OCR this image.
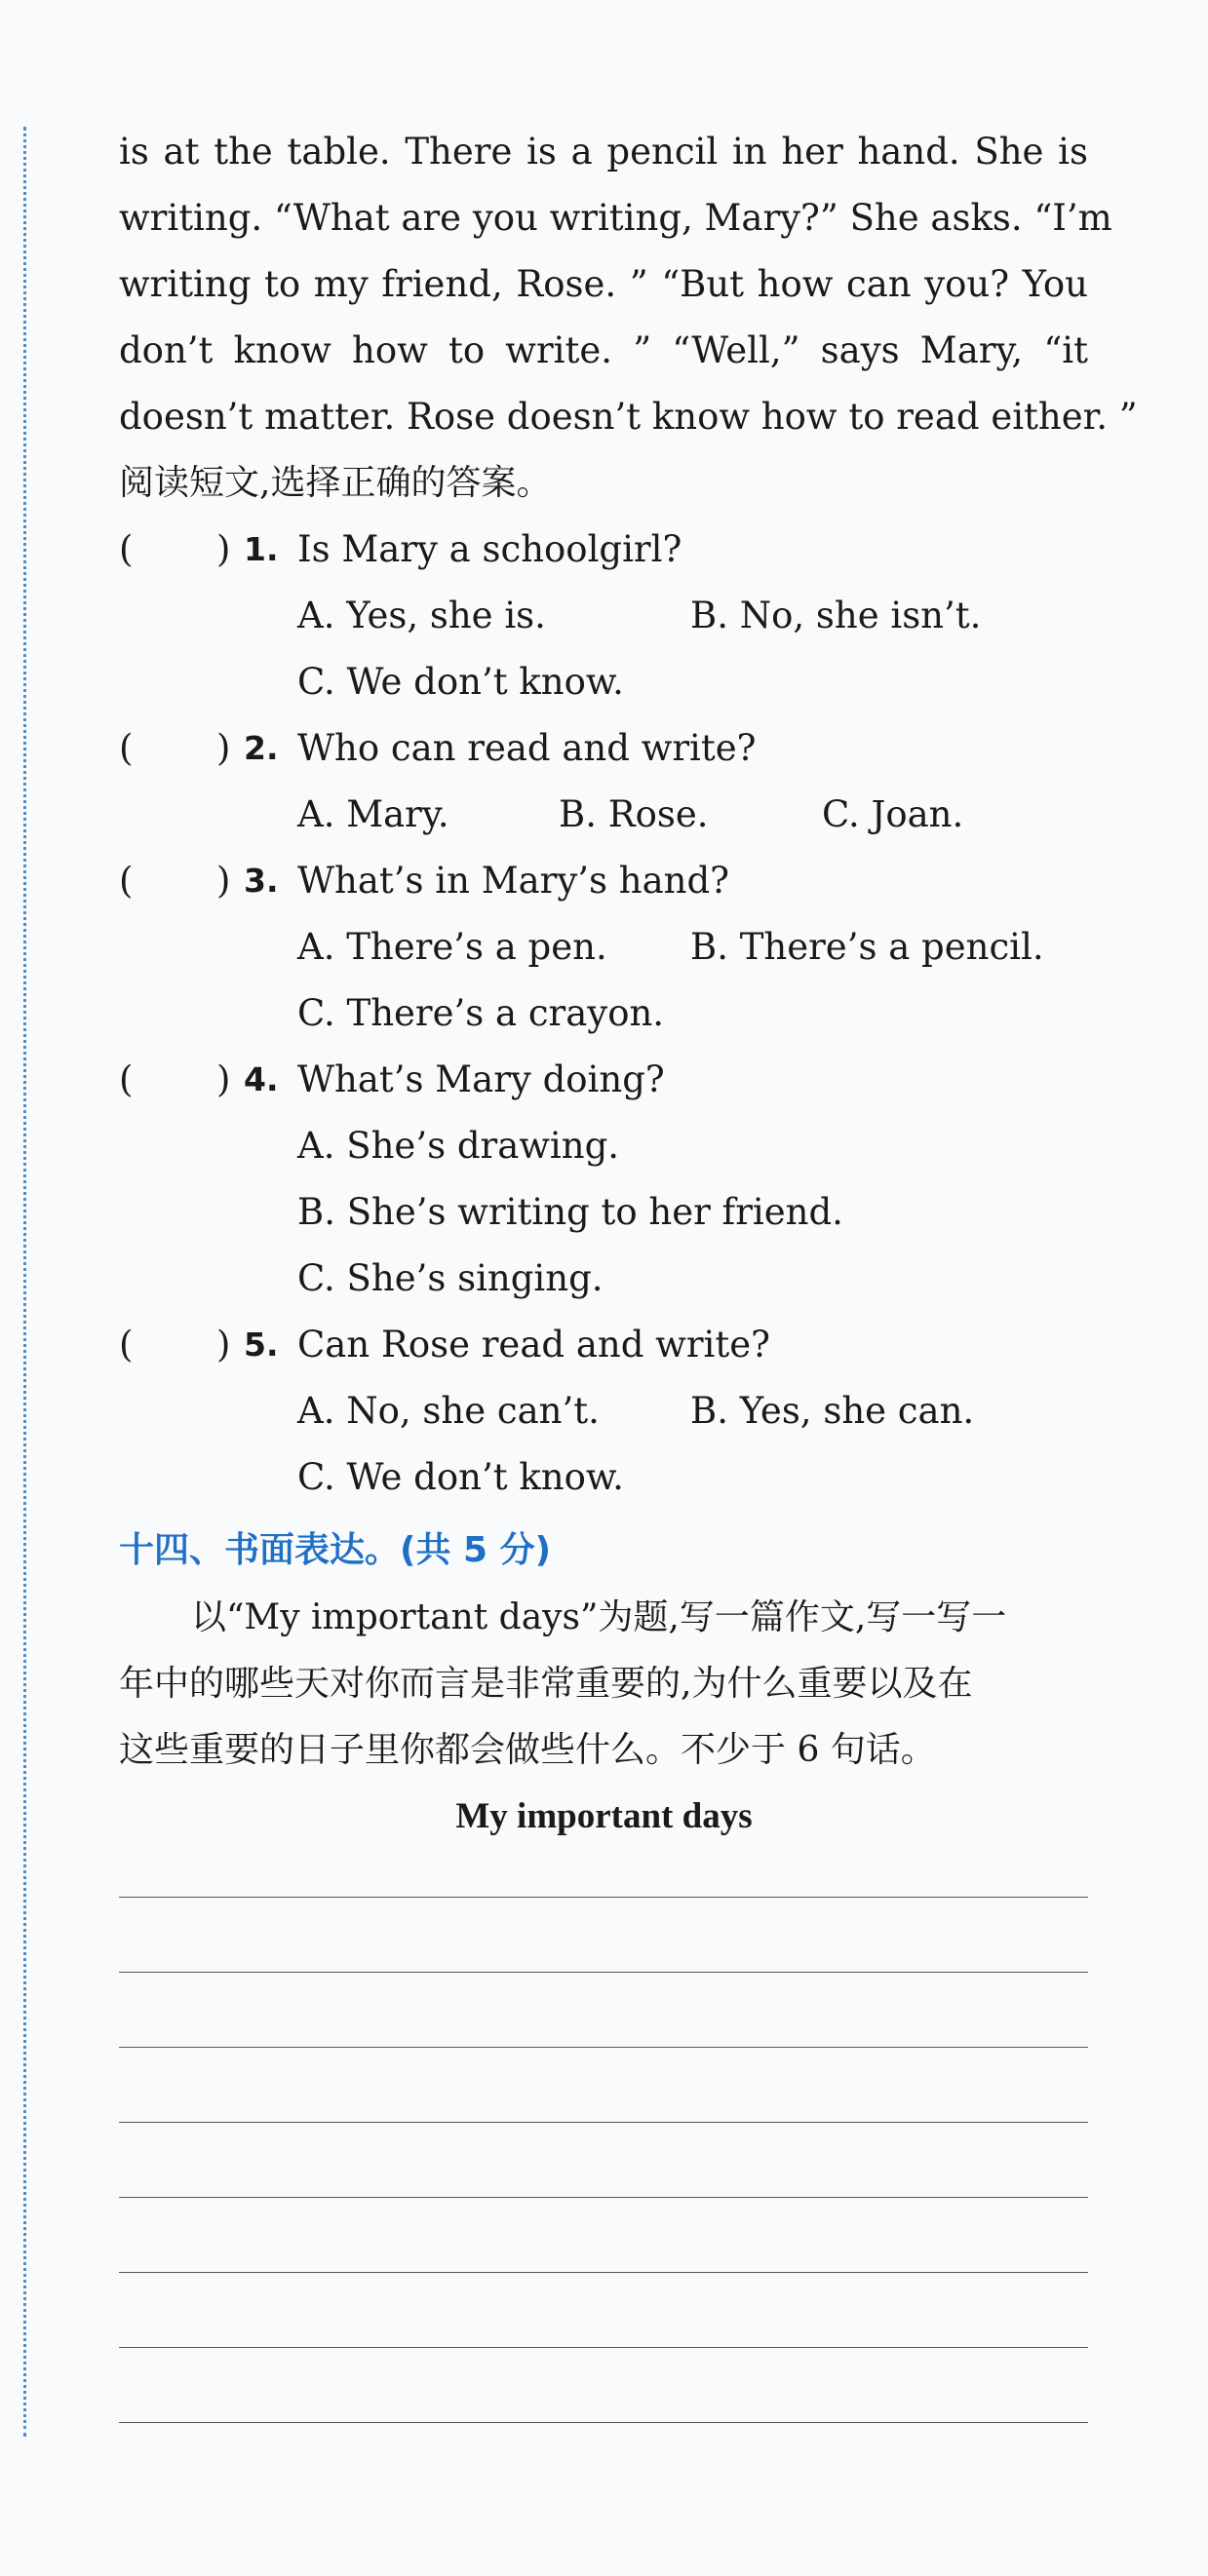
is at the table. There is a pencil in her hand. She is
writing. “What are you writing, Mary?” She asks. “I’m
writing to my friend, Rose. ” “But how can you? You
don’t know how to write. ” “Well,” says Mary, “it
doesn’t matter. Rose doesn’t know how to read either. ”
阅读短文,选择正确的答案。
( ) 1. Is Mary a schoolgirl?
A. Yes, she is.	B. No, she isn’t.
C. We don’t know.
( ) 2. Who can read and write?
A. Mary.	B. Rose.	C. Joan.
( ) 3. What’s in Mary’s hand?
A. There’s a pen. B. There’s a pencil.
C. There’s a crayon.
( ) 4. What’s Mary doing?
A. She’s drawing.
B. She’s writing to her friend.
C. She’s singing.
( ) 5. Can Rose read and write?
A. No, she can’t.	B. Yes, she can.
C. We don’t know.
十四、书面表达。(共 5 分)
以“My important days”为题,写一篇作文,写一写一
年中的哪些天对你而言是非常重要的,为什么重要以及在
这些重要的日子里你都会做些什么。不少于 6 句话。
My important days
